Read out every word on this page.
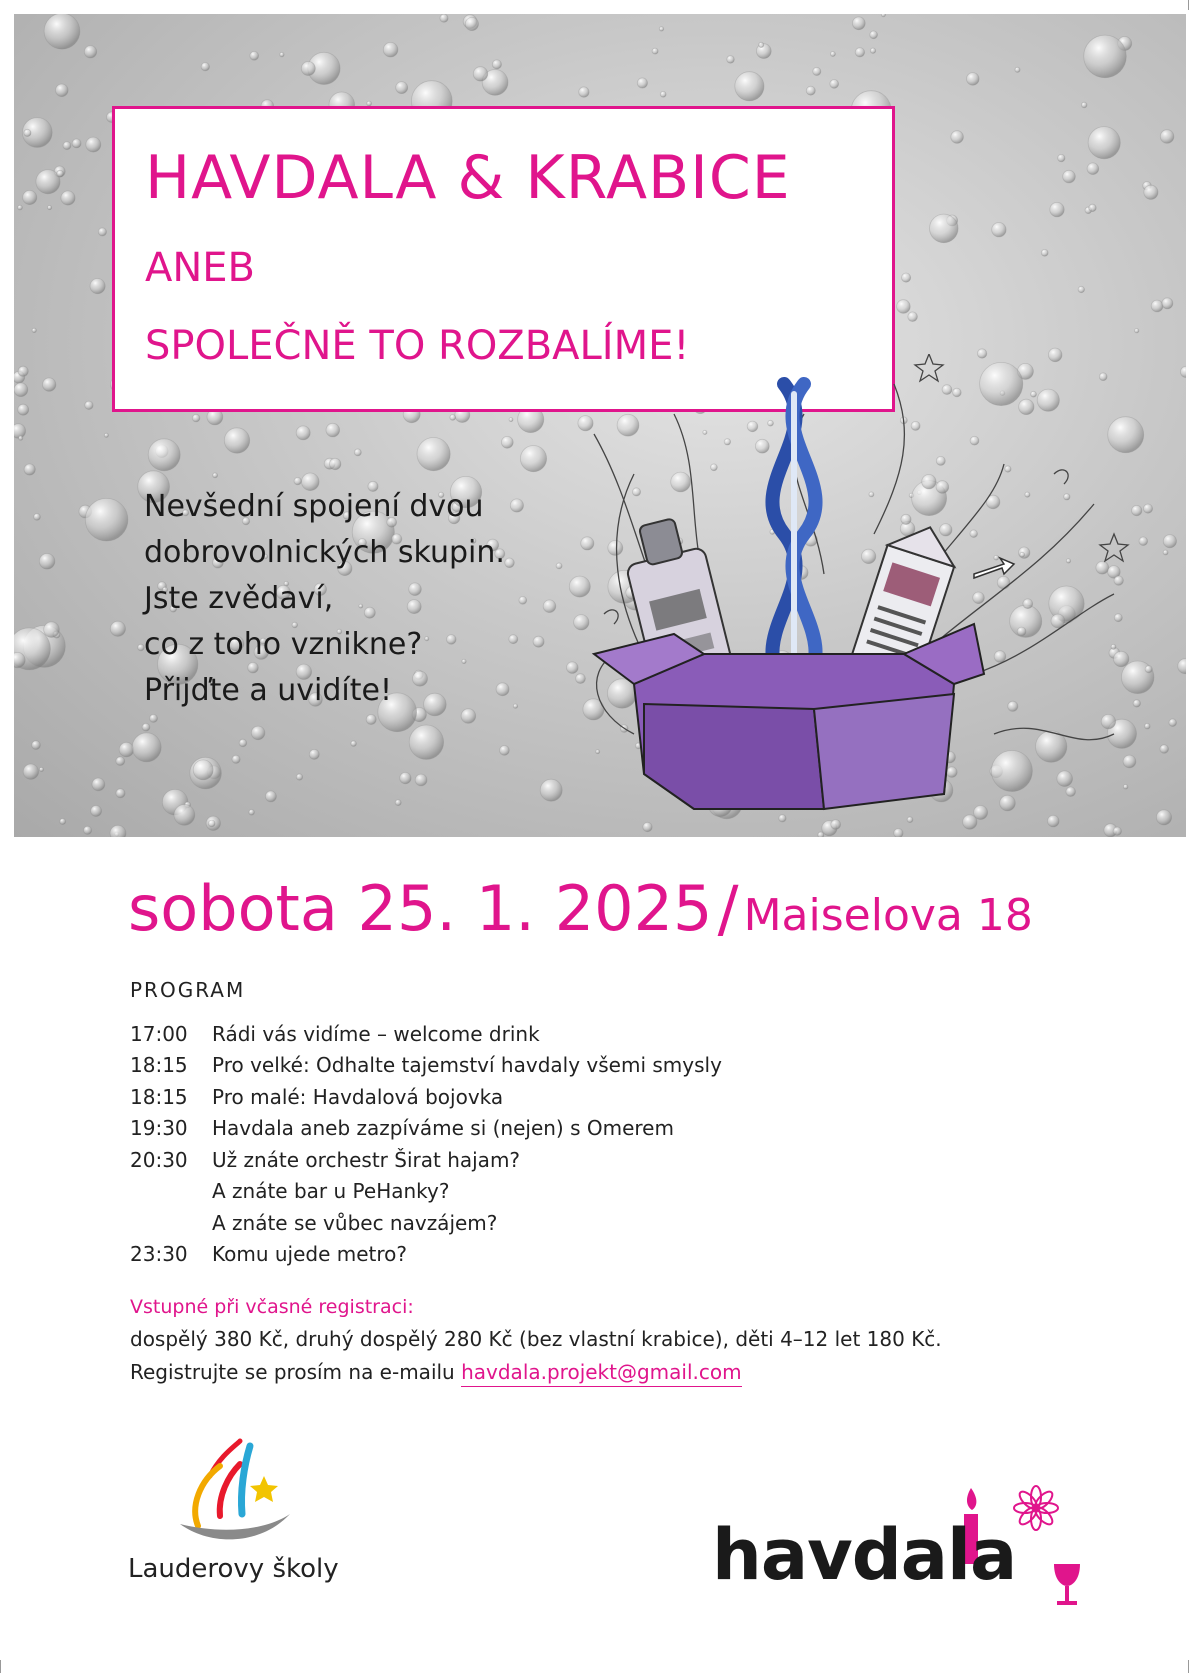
HAVDALA & KRABICE
ANEB
SPOLEČNĚ TO ROZBALÍME!
Nevšední spojení dvou
dobrovolnických skupin.
Jste zvědaví,
co z toho vznikne?
Přijďte a uvidíte!
sobota 25. 1. 2025 / Maiselova 18
PROGRAM
17:00	Rádi vás vidíme – welcome drink
18:15	Pro velké: Odhalte tajemství havdaly všemi smysly
18:15	Pro malé: Havdalová bojovka
19:30	Havdala aneb zazpíváme si (nejen) s Omerem
20:30	Už znáte orchestr Širat hajam?
A znáte bar u PeHanky?
A znáte se vůbec navzájem?
23:30	Komu ujede metro?
Vstupné při včasné registraci:
dospělý 380 Kč, druhý dospělý 280 Kč (bez vlastní krabice), děti 4–12 let 180 Kč.
Registrujte se prosím na e-mailu havdala.projekt@gmail.com
Lauderovy školy	havdala
